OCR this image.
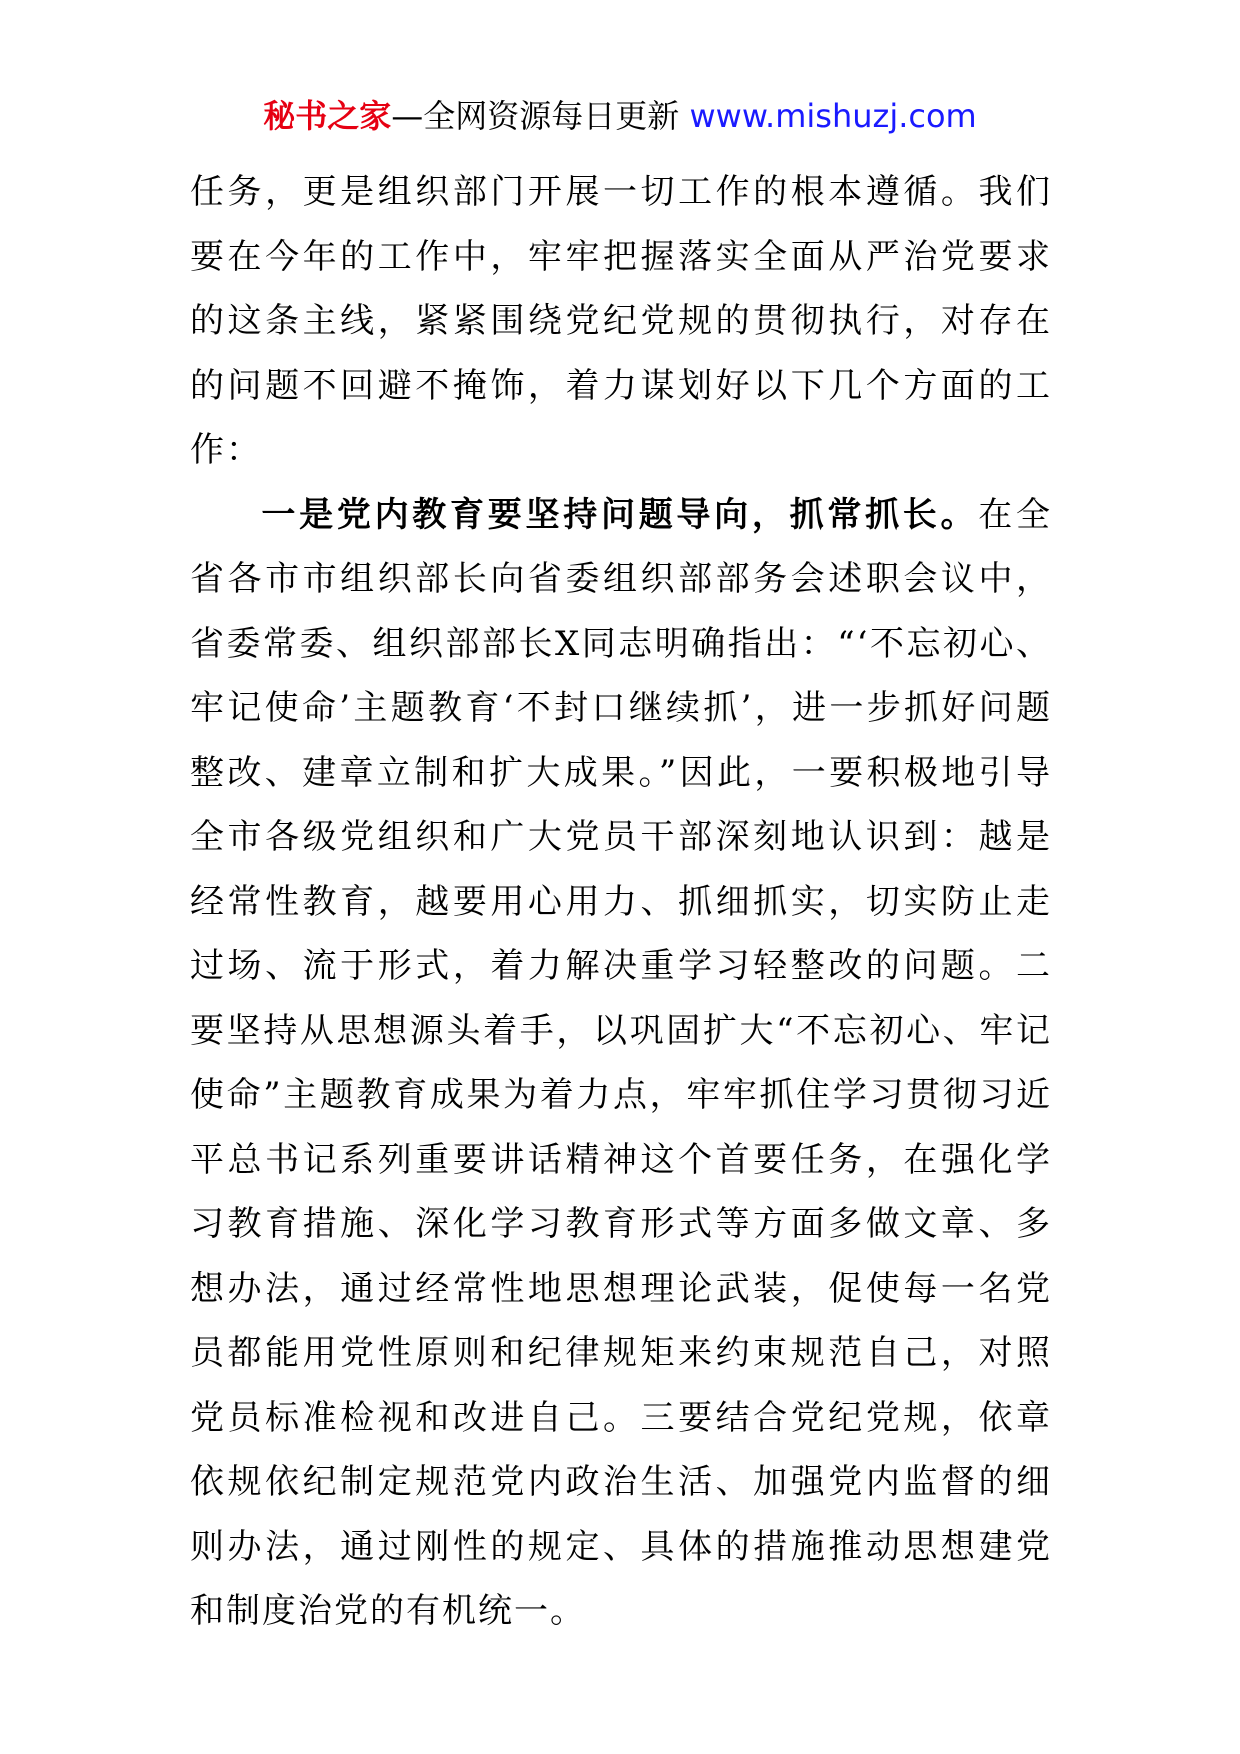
秘书之家—全网资源每日更新 www.mishuzj.com

任务，更是组织部门开展一切工作的根本遵循。我们要在今年的工作中，牢牢把握落实全面从严治党要求的这条主线，紧紧围绕党纪党规的贯彻执行，对存在的问题不回避不掩饰，着力谋划好以下几个方面的工作：

一是党内教育要坚持问题导向，抓常抓长。在全省各市市组织部长向省委组织部部务会述职会议中，省委常委、组织部部长X同志明确指出：“‘不忘初心、牢记使命’主题教育‘不封口继续抓’，进一步抓好问题整改、建章立制和扩大成果。”因此，一要积极地引导全市各级党组织和广大党员干部深刻地认识到：越是经常性教育，越要用心用力、抓细抓实，切实防止走过场、流于形式，着力解决重学习轻整改的问题。二要坚持从思想源头着手，以巩固扩大“不忘初心、牢记使命”主题教育成果为着力点，牢牢抓住学习贯彻习近平总书记系列重要讲话精神这个首要任务，在强化学习教育措施、深化学习教育形式等方面多做文章、多想办法，通过经常性地思想理论武装，促使每一名党员都能用党性原则和纪律规矩来约束规范自己，对照党员标准检视和改进自己。三要结合党纪党规，依章依规依纪制定规范党内政治生活、加强党内监督的细则办法，通过刚性的规定、具体的措施推动思想建党和制度治党的有机统一。
